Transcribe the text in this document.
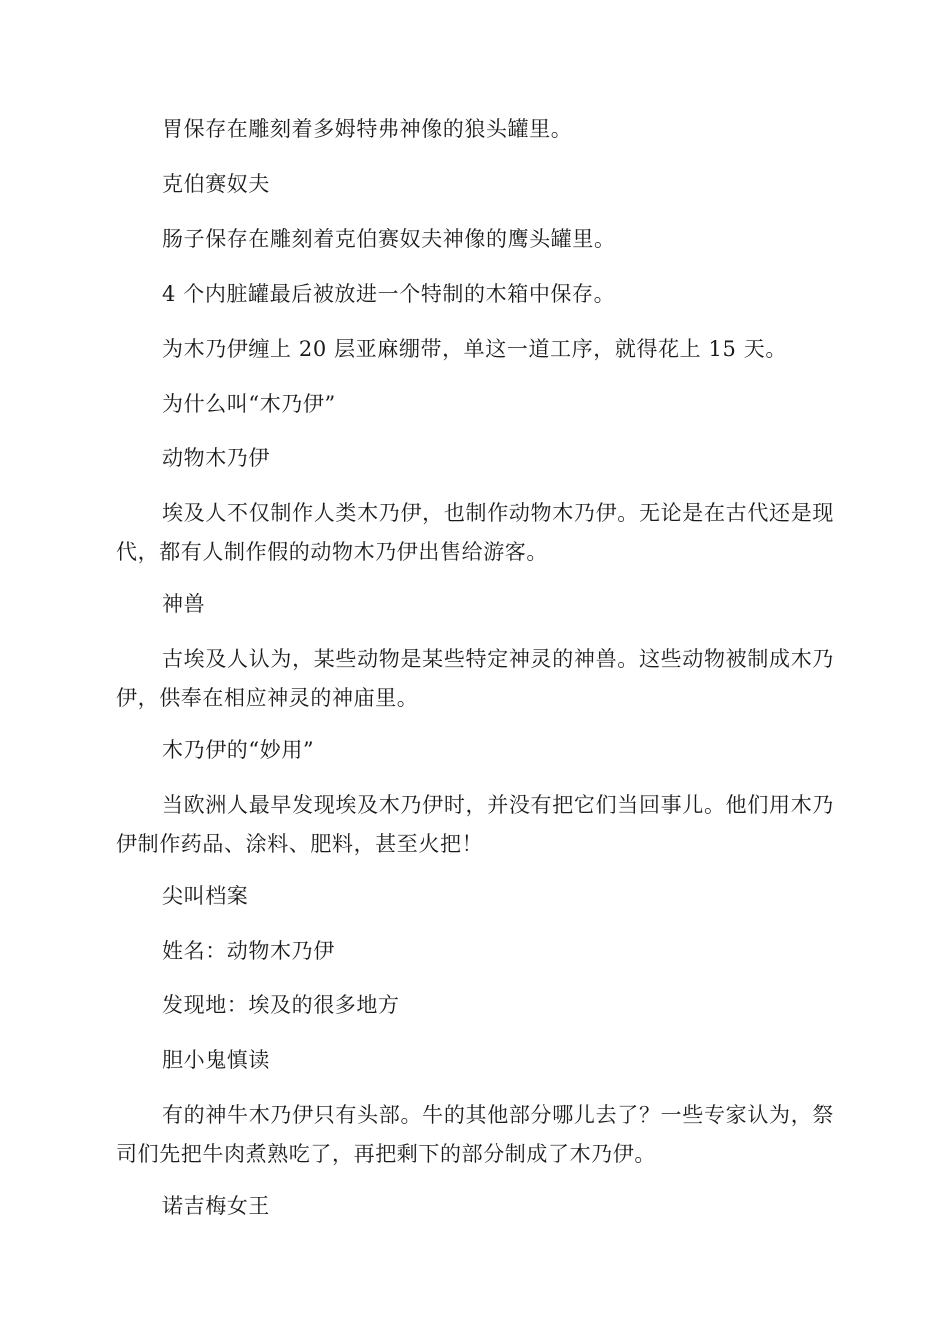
胃保存在雕刻着多姆特弗神像的狼头罐里。

克伯赛奴夫

肠子保存在雕刻着克伯赛奴夫神像的鹰头罐里。

4 个内脏罐最后被放进一个特制的木箱中保存。

为木乃伊缠上 20 层亚麻绷带，单这一道工序，就得花上 15 天。

为什么叫“木乃伊”

动物木乃伊

埃及人不仅制作人类木乃伊，也制作动物木乃伊。无论是在古代还是现代，都有人制作假的动物木乃伊出售给游客。

神兽

古埃及人认为，某些动物是某些特定神灵的神兽。这些动物被制成木乃伊，供奉在相应神灵的神庙里。

木乃伊的“妙用”

当欧洲人最早发现埃及木乃伊时，并没有把它们当回事儿。他们用木乃伊制作药品、涂料、肥料，甚至火把！

尖叫档案

姓名：动物木乃伊

发现地：埃及的很多地方

胆小鬼慎读

有的神牛木乃伊只有头部。牛的其他部分哪儿去了？一些专家认为，祭司们先把牛肉煮熟吃了，再把剩下的部分制成了木乃伊。

诺吉梅女王
